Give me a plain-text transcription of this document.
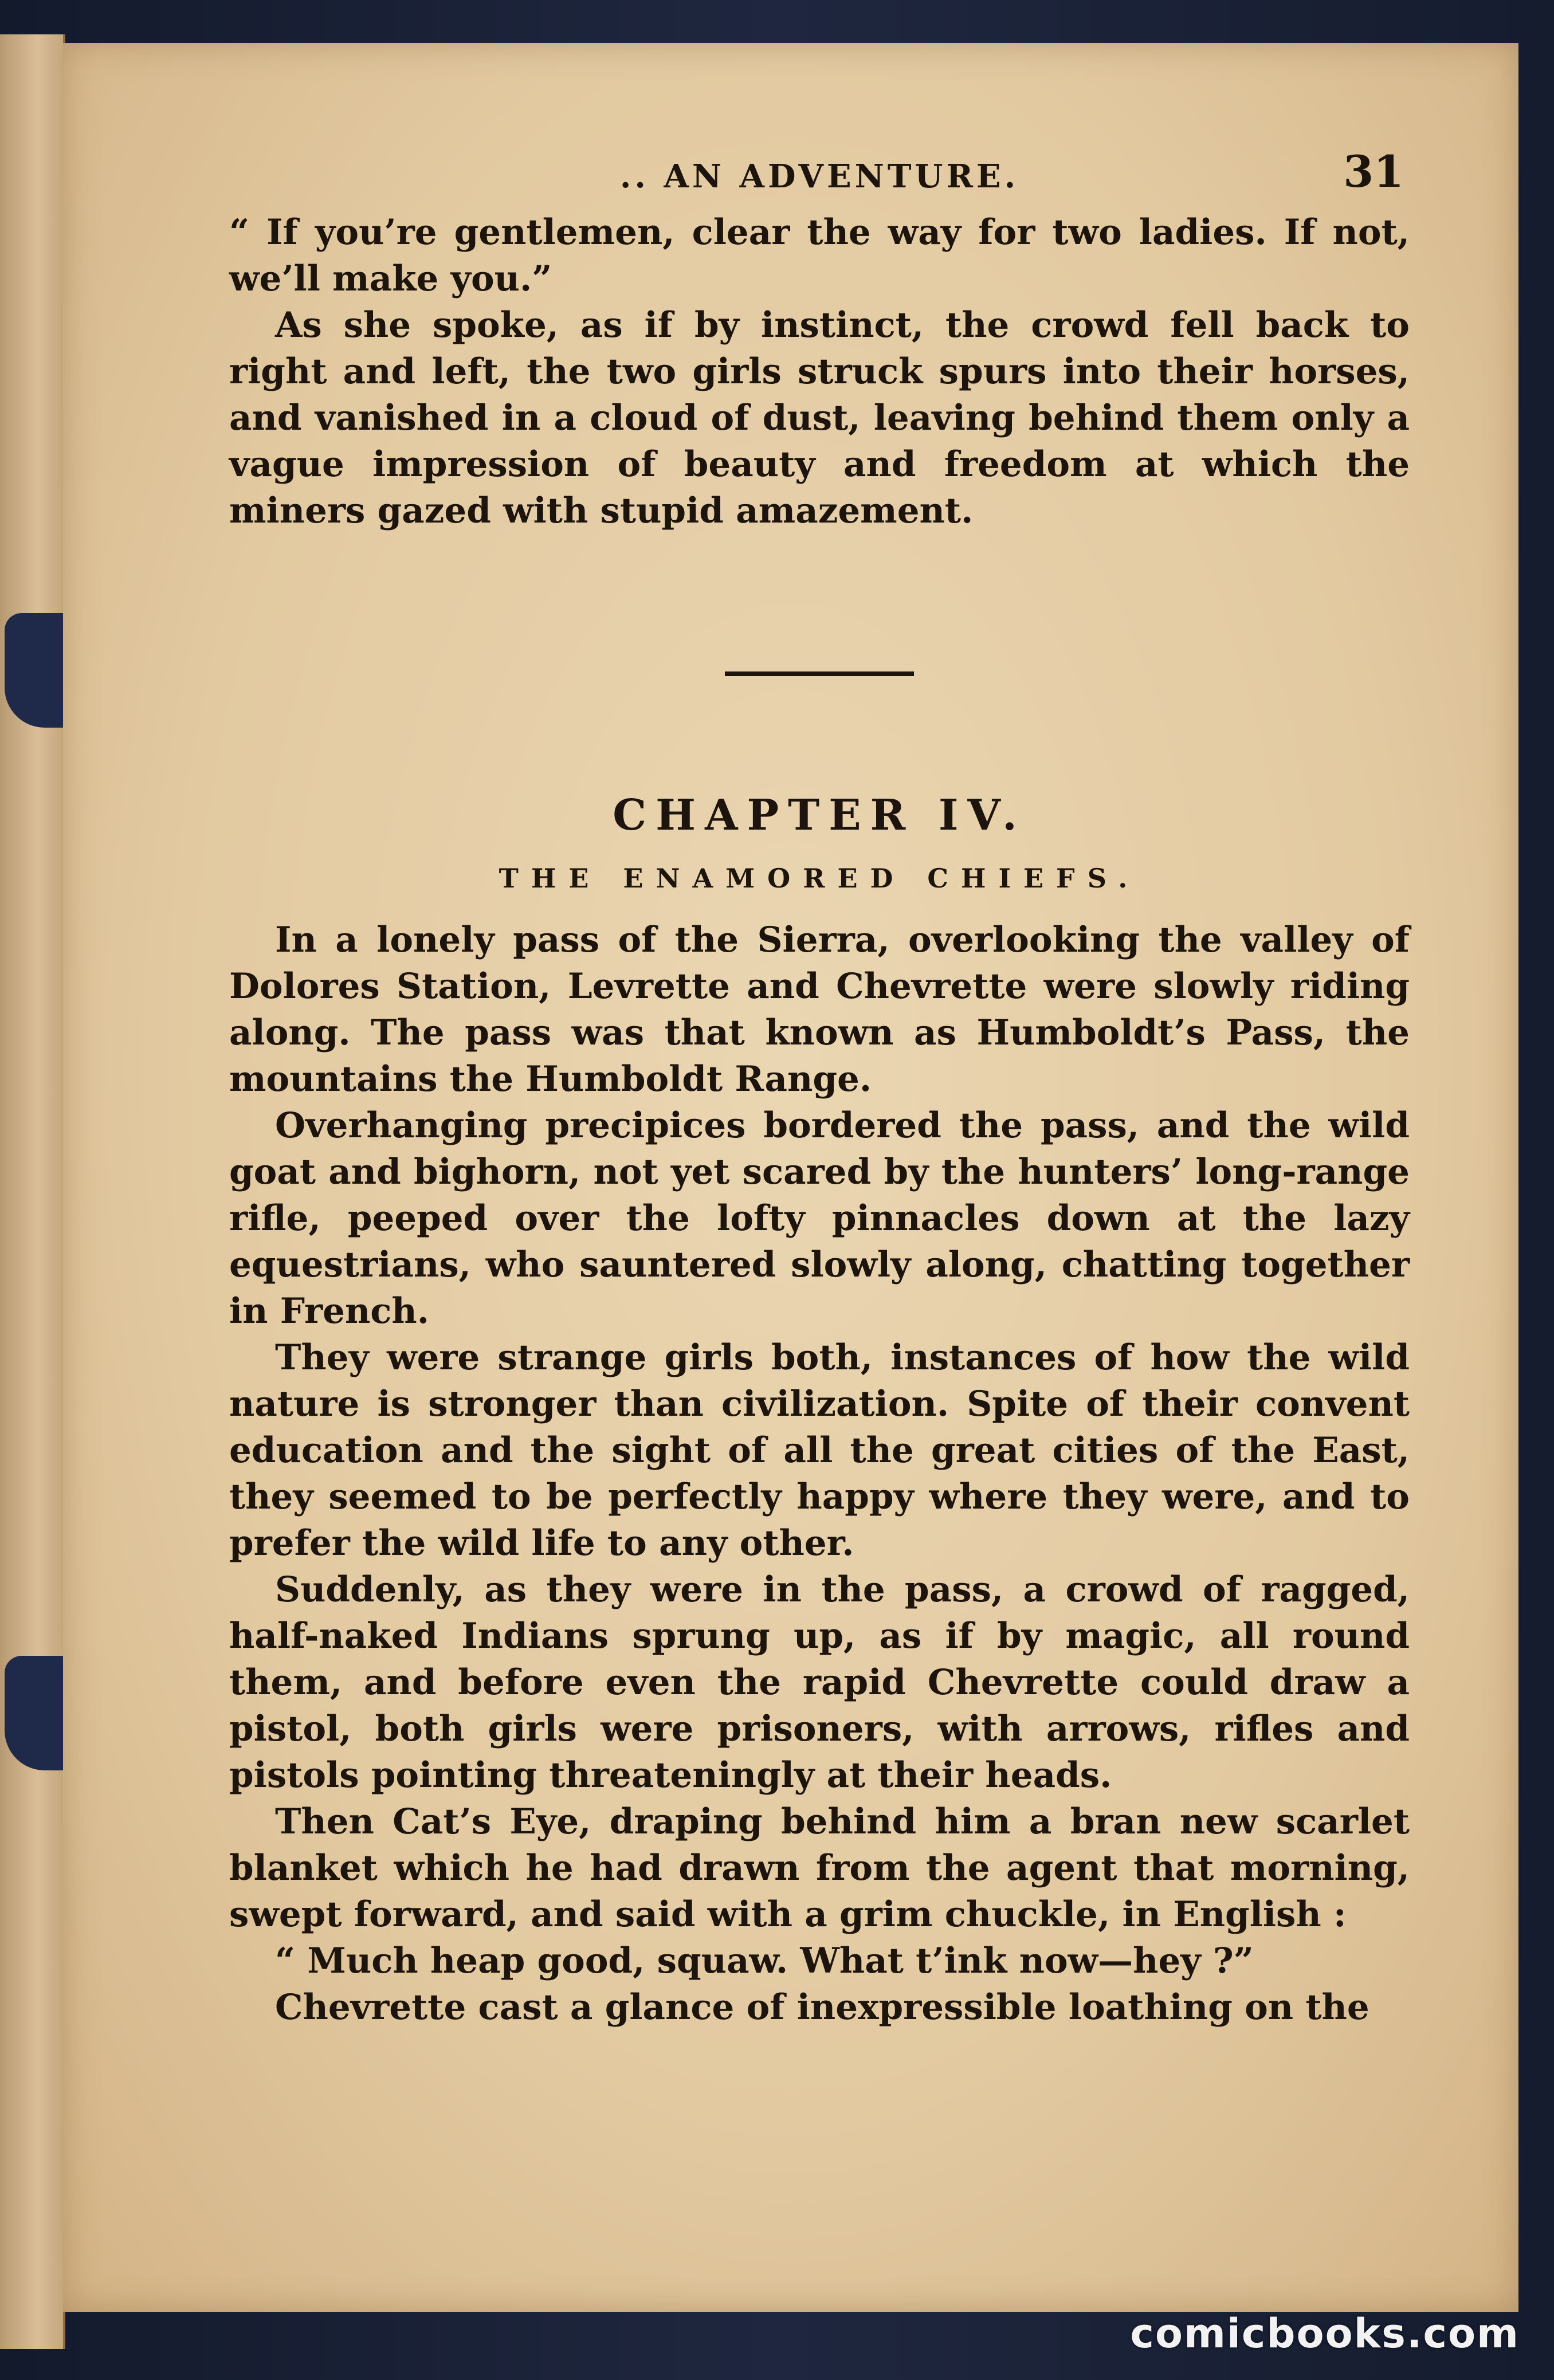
.. AN ADVENTURE.	31

“ If you’re gentlemen, clear the way for two ladies. If not, we’ll make you.”

As she spoke, as if by instinct, the crowd fell back to right and left, the two girls struck spurs into their horses, and vanished in a cloud of dust, leaving behind them only a vague impression of beauty and freedom at which the miners gazed with stupid amazement.

CHAPTER IV.
THE ENAMORED CHIEFS.

In a lonely pass of the Sierra, overlooking the valley of Dolores Station, Levrette and Chevrette were slowly riding along. The pass was that known as Humboldt’s Pass, the mountains the Humboldt Range.

Overhanging precipices bordered the pass, and the wild goat and bighorn, not yet scared by the hunters’ long-range rifle, peeped over the lofty pinnacles down at the lazy equestrians, who sauntered slowly along, chatting together in French.

They were strange girls both, instances of how the wild nature is stronger than civilization. Spite of their convent education and the sight of all the great cities of the East, they seemed to be perfectly happy where they were, and to prefer the wild life to any other.

Suddenly, as they were in the pass, a crowd of ragged, half-naked Indians sprung up, as if by magic, all round them, and before even the rapid Chevrette could draw a pistol, both girls were prisoners, with arrows, rifles and pistols pointing threateningly at their heads.

Then Cat’s Eye, draping behind him a bran new scarlet blanket which he had drawn from the agent that morning, swept forward, and said with a grim chuckle, in English :

“ Much heap good, squaw. What t’ink now—hey ?”

Chevrette cast a glance of inexpressible loathing on the

comicbooks.com
